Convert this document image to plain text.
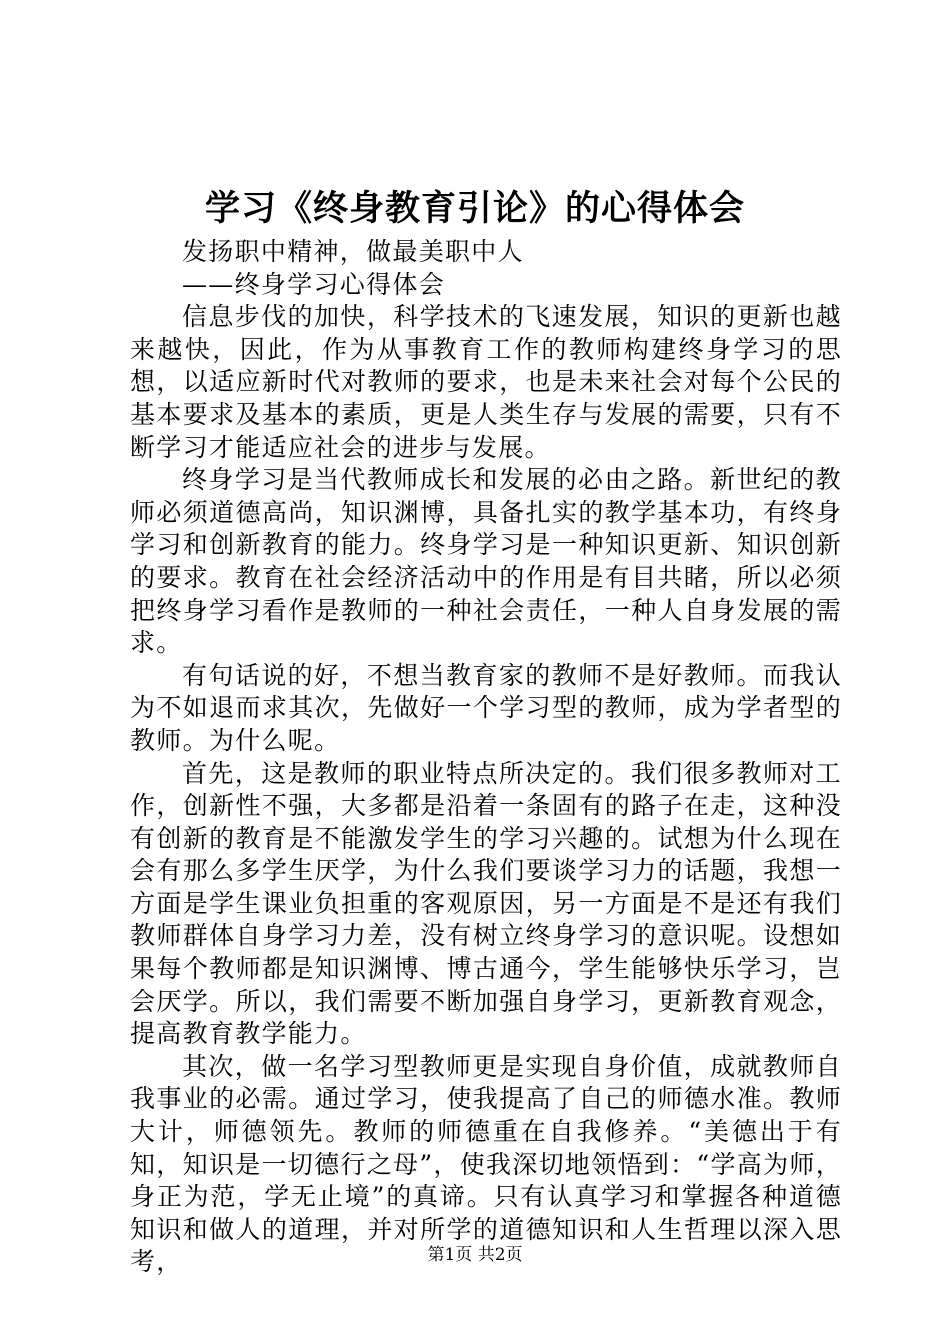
学习《终身教育引论》的心得体会

发扬职中精神，做最美职中人

——终身学习心得体会

信息步伐的加快，科学技术的飞速发展，知识的更新也越来越快，因此，作为从事教育工作的教师构建终身学习的思想，以适应新时代对教师的要求，也是未来社会对每个公民的基本要求及基本的素质，更是人类生存与发展的需要，只有不断学习才能适应社会的进步与发展。

终身学习是当代教师成长和发展的必由之路。新世纪的教师必须道德高尚，知识渊博，具备扎实的教学基本功，有终身学习和创新教育的能力。终身学习是一种知识更新、知识创新的要求。教育在社会经济活动中的作用是有目共睹，所以必须把终身学习看作是教师的一种社会责任，一种人自身发展的需求。

有句话说的好，不想当教育家的教师不是好教师。而我认为不如退而求其次，先做好一个学习型的教师，成为学者型的教师。为什么呢。

首先，这是教师的职业特点所决定的。我们很多教师对工作，创新性不强，大多都是沿着一条固有的路子在走，这种没有创新的教育是不能激发学生的学习兴趣的。试想为什么现在会有那么多学生厌学，为什么我们要谈学习力的话题，我想一方面是学生课业负担重的客观原因，另一方面是不是还有我们教师群体自身学习力差，没有树立终身学习的意识呢。设想如果每个教师都是知识渊博、博古通今，学生能够快乐学习，岂会厌学。所以，我们需要不断加强自身学习，更新教育观念，提高教育教学能力。

其次，做一名学习型教师更是实现自身价值，成就教师自我事业的必需。通过学习，使我提高了自己的师德水准。教师大计，师德领先。教师的师德重在自我修养。“美德出于有知，知识是一切德行之母”，使我深切地领悟到：“学高为师，身正为范，学无止境”的真谛。只有认真学习和掌握各种道德知识和做人的道理，并对所学的道德知识和人生哲理以深入思考，	第1页 共2页
